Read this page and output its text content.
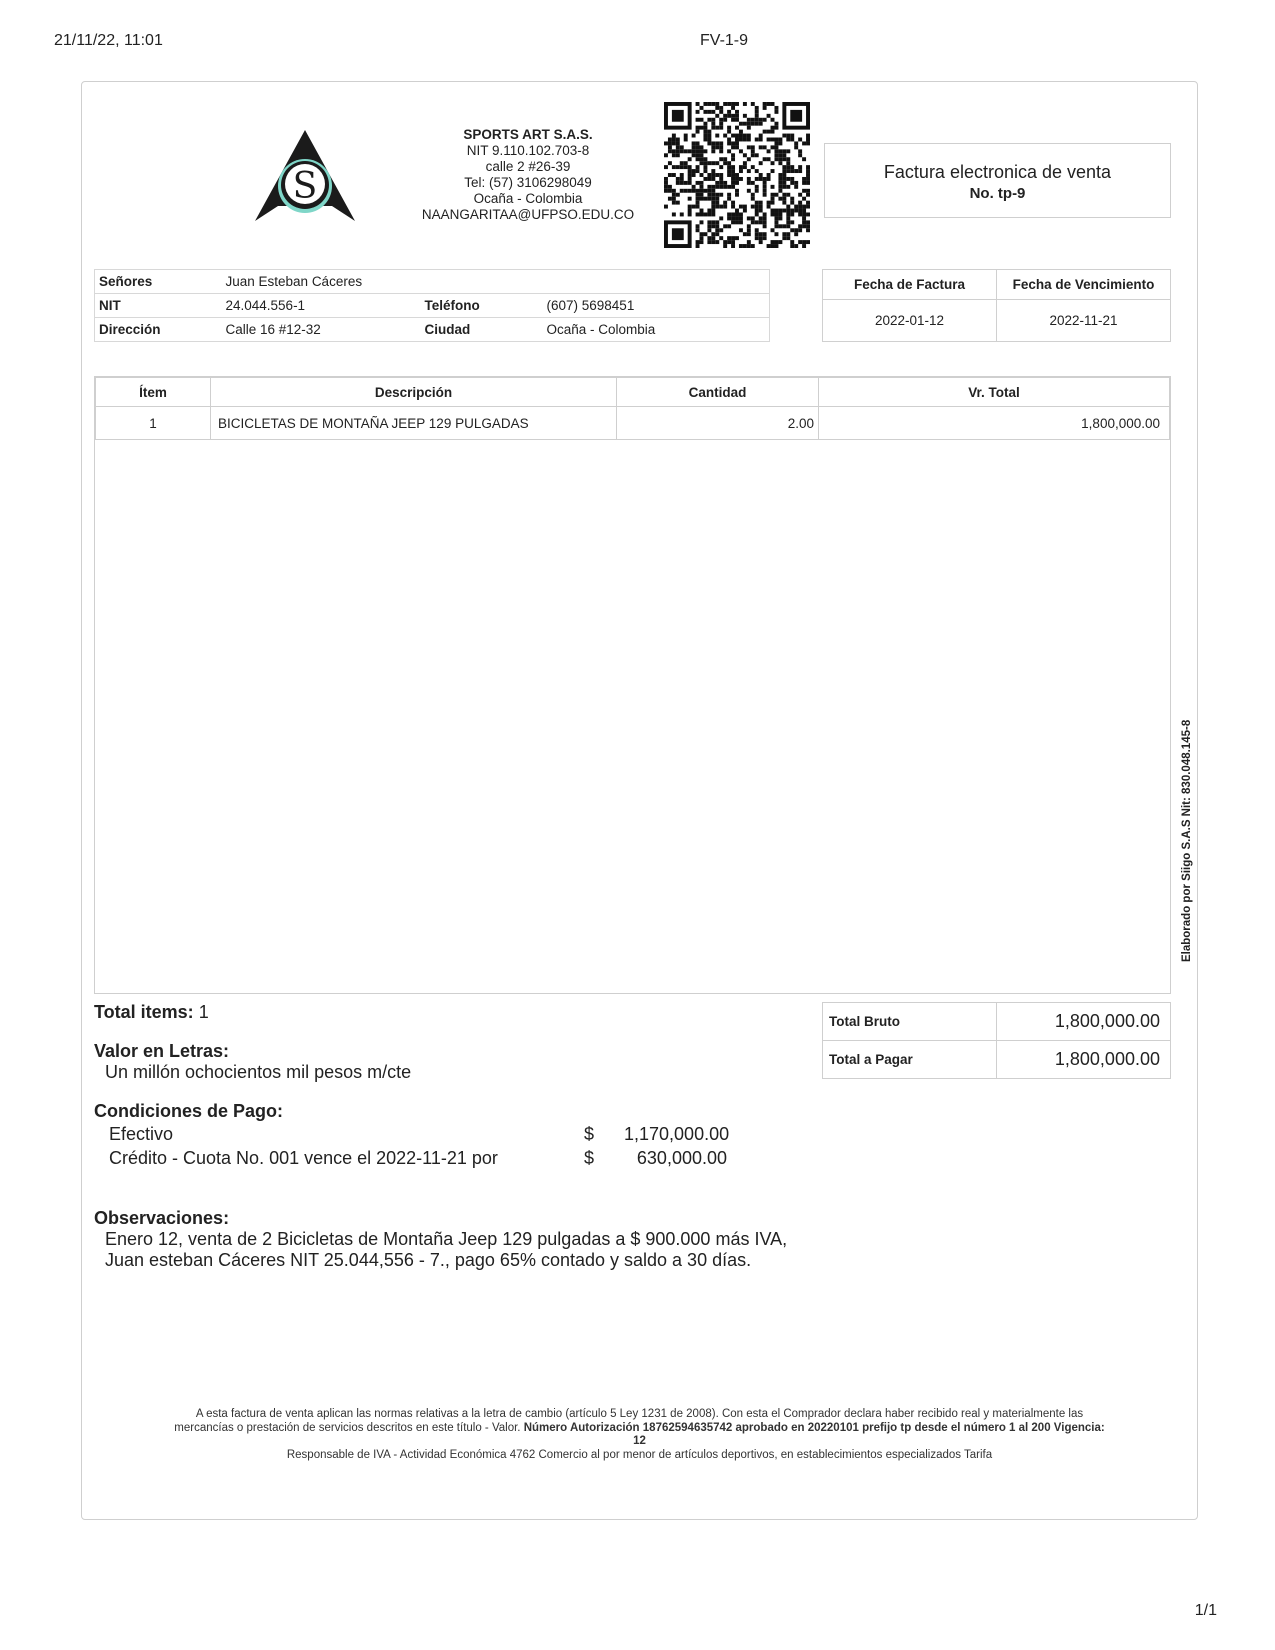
21/11/22, 11:01	FV-1-9
1/1
S
SPORTS ART S.A.S.
NIT 9.110.102.703-8
calle 2 #26-39
Tel: (57) 3106298049
Ocaña - Colombia
NAANGARITAA@UFPSO.EDU.CO
Factura electronica de venta
No. tp-9
Señores	Juan Esteban Cáceres		
NIT	24.044.556-1	Teléfono	(607) 5698451
Dirección	Calle 16 #12-32	Ciudad	Ocaña - Colombia
Fecha de Factura	Fecha de Vencimiento
2022-01-12	2022-11-21
Ítem	Descripción	Cantidad	Vr. Total
1	BICICLETAS DE MONTAÑA JEEP 129 PULGADAS	2.00	1,800,000.00
Elaborado por Siigo S.A.S Nit: 830.048.145-8
Total items: 1
Valor en Letras:
Un millón ochocientos mil pesos m/cte
Condiciones de Pago:
Efectivo	$	1,170,000.00
Crédito - Cuota No. 001 vence el 2022-11-21 por	$	630,000.00
Observaciones:
Enero 12, venta de 2 Bicicletas de Montaña Jeep 129 pulgadas a $ 900.000 más IVA,
Juan esteban Cáceres NIT 25.044,556 - 7., pago 65% contado y saldo a 30 días.
Total Bruto	1,800,000.00
Total a Pagar	1,800,000.00
A esta factura de venta aplican las normas relativas a la letra de cambio (artículo 5 Ley 1231 de 2008). Con esta el Comprador declara haber recibido real y materialmente las
mercancías o prestación de servicios descritos en este título - Valor. Número Autorización 18762594635742 aprobado en 20220101 prefijo tp desde el número 1 al 200 Vigencia:
12
Responsable de IVA - Actividad Económica 4762 Comercio al por menor de artículos deportivos, en establecimientos especializados Tarifa
